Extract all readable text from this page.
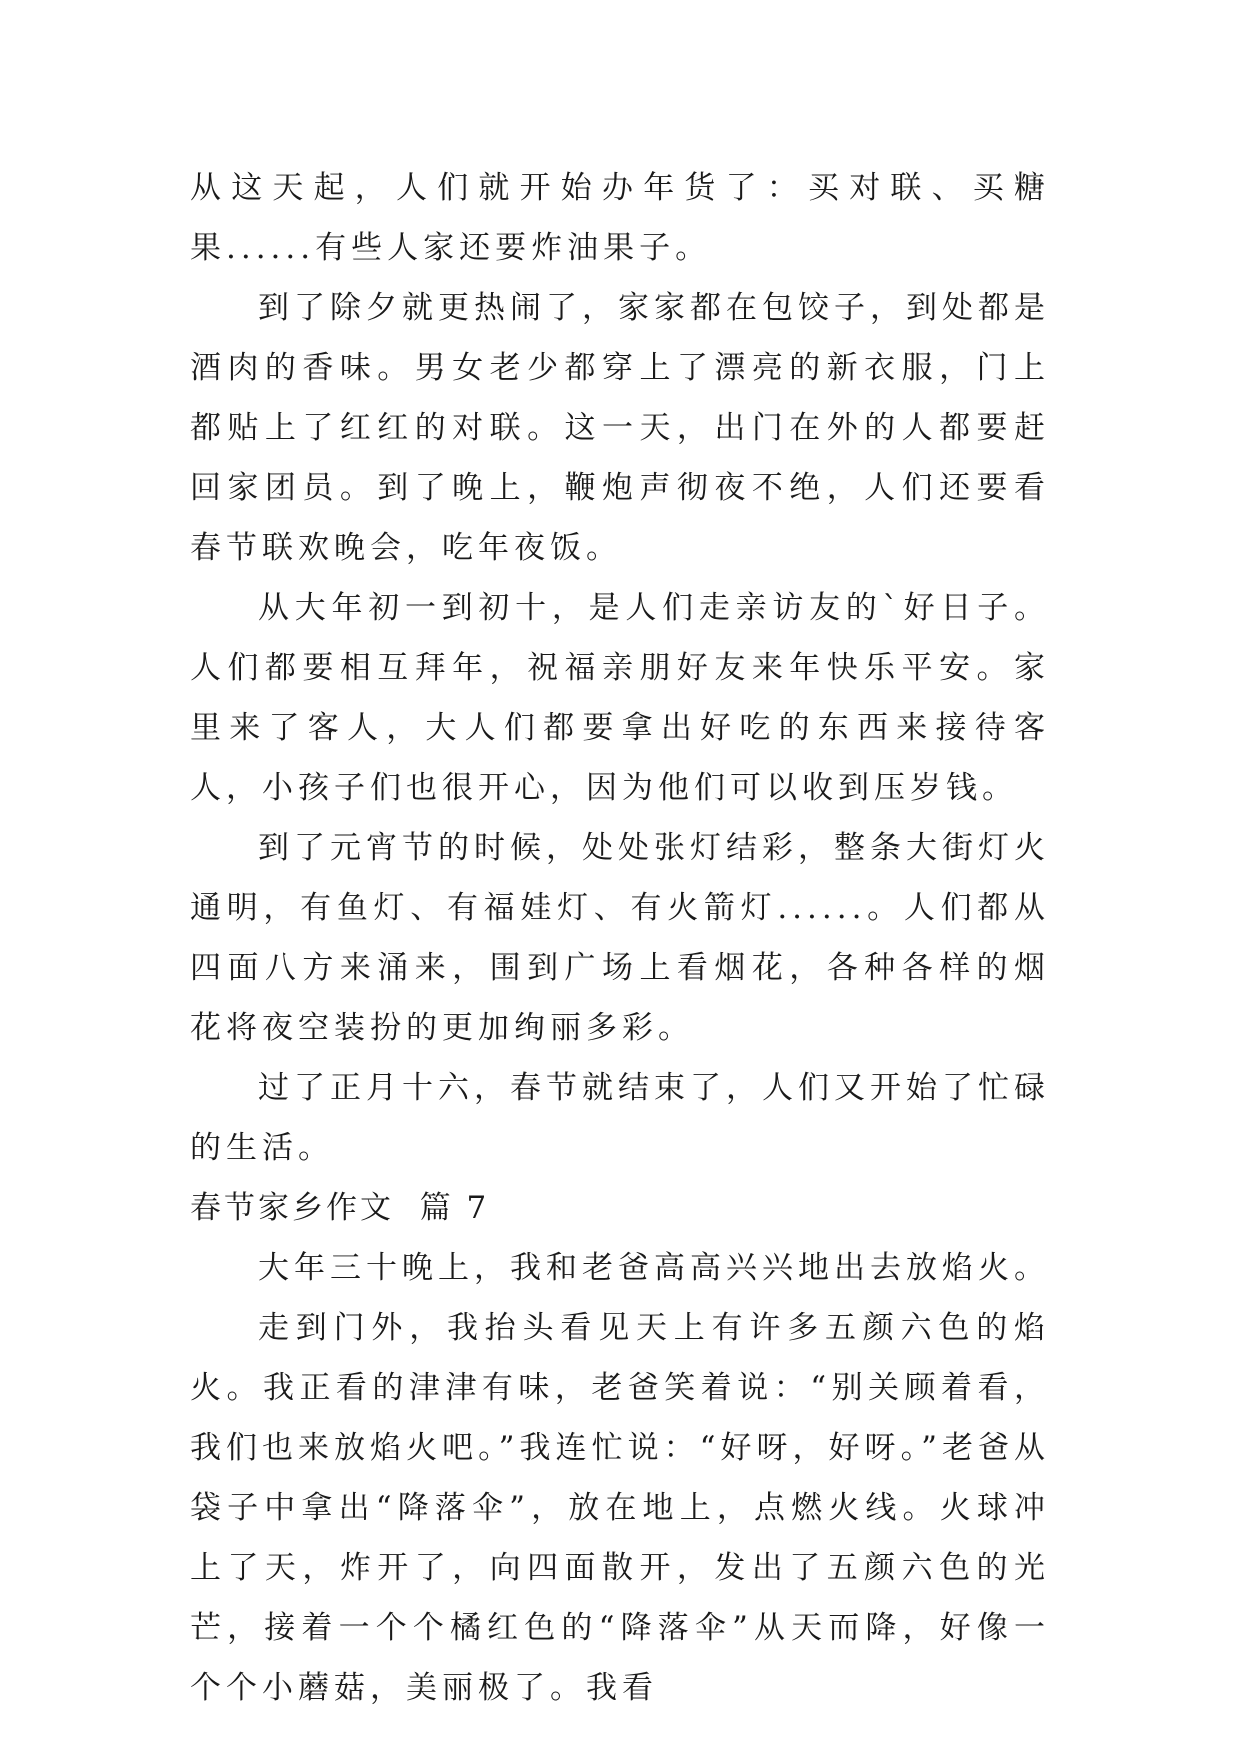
从这天起，人们就开始办年货了：买对联、买糖果......有些人家还要炸油果子。

到了除夕就更热闹了，家家都在包饺子，到处都是酒肉的香味。男女老少都穿上了漂亮的新衣服，门上都贴上了红红的对联。这一天，出门在外的人都要赶回家团员。到了晚上，鞭炮声彻夜不绝，人们还要看春节联欢晚会，吃年夜饭。

从大年初一到初十，是人们走亲访友的`好日子。人们都要相互拜年，祝福亲朋好友来年快乐平安。家里来了客人，大人们都要拿出好吃的东西来接待客人，小孩子们也很开心，因为他们可以收到压岁钱。

到了元宵节的时候，处处张灯结彩，整条大街灯火通明，有鱼灯、有福娃灯、有火箭灯......。人们都从四面八方来涌来，围到广场上看烟花，各种各样的烟花将夜空装扮的更加绚丽多彩。

过了正月十六，春节就结束了，人们又开始了忙碌的生活。

春节家乡作文  篇 7

大年三十晚上，我和老爸高高兴兴地出去放焰火。

走到门外，我抬头看见天上有许多五颜六色的焰火。我正看的津津有味，老爸笑着说：“别关顾着看，我们也来放焰火吧。”我连忙说：“好呀，好呀。”老爸从袋子中拿出“降落伞”，放在地上，点燃火线。火球冲上了天，炸开了，向四面散开，发出了五颜六色的光芒，接着一个个橘红色的“降落伞”从天而降，好像一个个小蘑菇，美丽极了。我看
